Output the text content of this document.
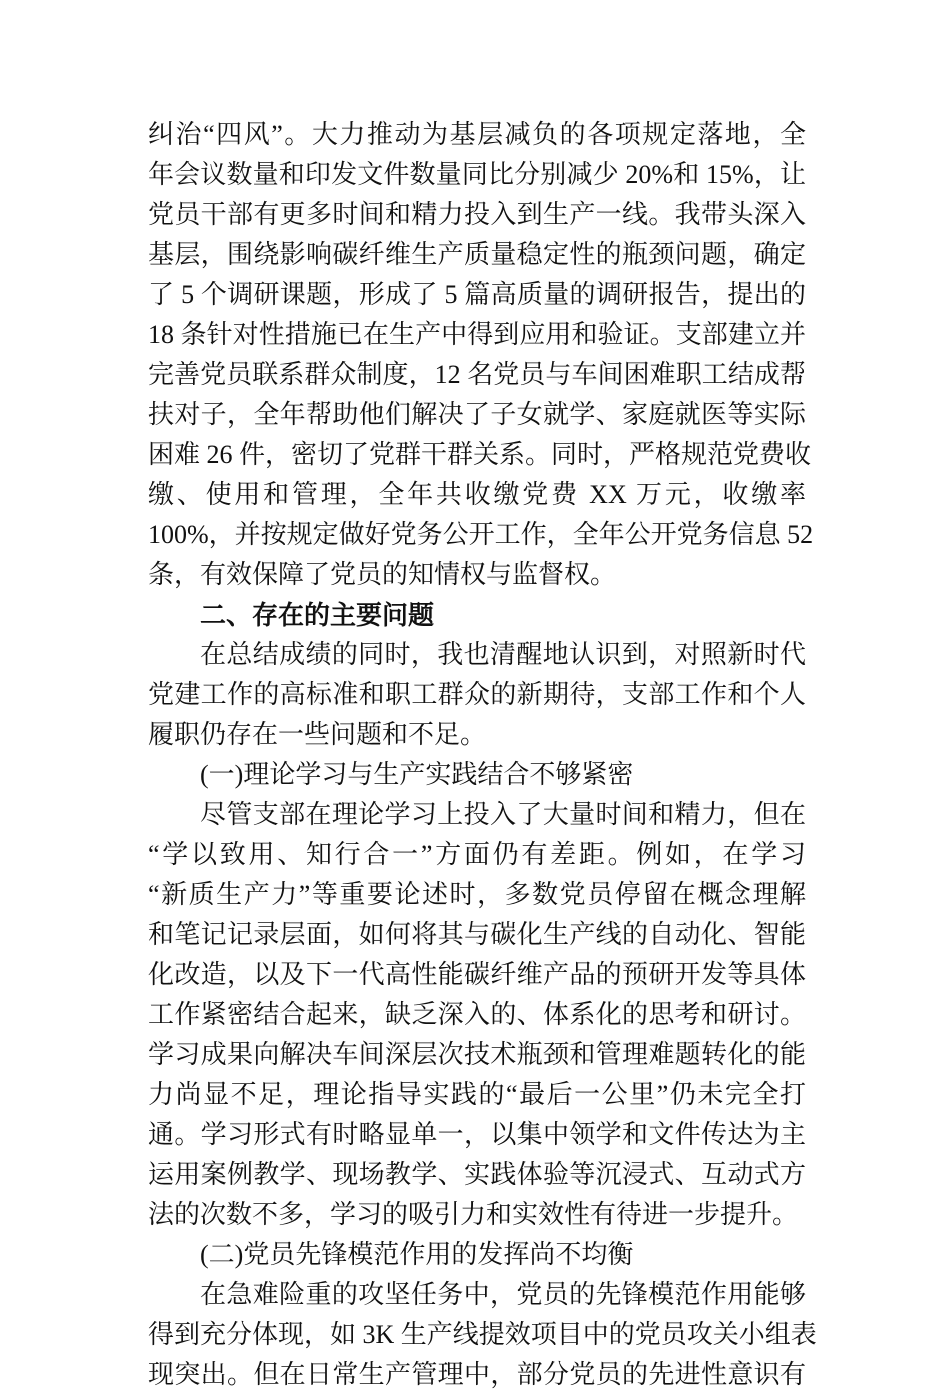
纠治“四风”。大力推动为基层减负的各项规定落地，全
年会议数量和印发文件数量同比分别减少 20%和 15%，让
党员干部有更多时间和精力投入到生产一线。我带头深入
基层，围绕影响碳纤维生产质量稳定性的瓶颈问题，确定
了 5 个调研课题，形成了 5 篇高质量的调研报告，提出的
18 条针对性措施已在生产中得到应用和验证。支部建立并
完善党员联系群众制度，12 名党员与车间困难职工结成帮
扶对子，全年帮助他们解决了子女就学、家庭就医等实际
困难 26 件，密切了党群干群关系。同时，严格规范党费收
缴、使用和管理，全年共收缴党费 XX 万元，收缴率
100%，并按规定做好党务公开工作，全年公开党务信息 52
条，有效保障了党员的知情权与监督权。
二、存在的主要问题
在总结成绩的同时，我也清醒地认识到，对照新时代
党建工作的高标准和职工群众的新期待，支部工作和个人
履职仍存在一些问题和不足。
(一)理论学习与生产实践结合不够紧密
尽管支部在理论学习上投入了大量时间和精力，但在
“学以致用、知行合一”方面仍有差距。例如，在学习
“新质生产力”等重要论述时，多数党员停留在概念理解
和笔记记录层面，如何将其与碳化生产线的自动化、智能
化改造，以及下一代高性能碳纤维产品的预研开发等具体
工作紧密结合起来，缺乏深入的、体系化的思考和研讨。
学习成果向解决车间深层次技术瓶颈和管理难题转化的能
力尚显不足，理论指导实践的“最后一公里”仍未完全打
通。学习形式有时略显单一，以集中领学和文件传达为主
运用案例教学、现场教学、实践体验等沉浸式、互动式方
法的次数不多，学习的吸引力和实效性有待进一步提升。
(二)党员先锋模范作用的发挥尚不均衡
在急难险重的攻坚任务中，党员的先锋模范作用能够
得到充分体现，如 3K 生产线提效项目中的党员攻关小组表
现突出。但在日常生产管理中，部分党员的先进性意识有
